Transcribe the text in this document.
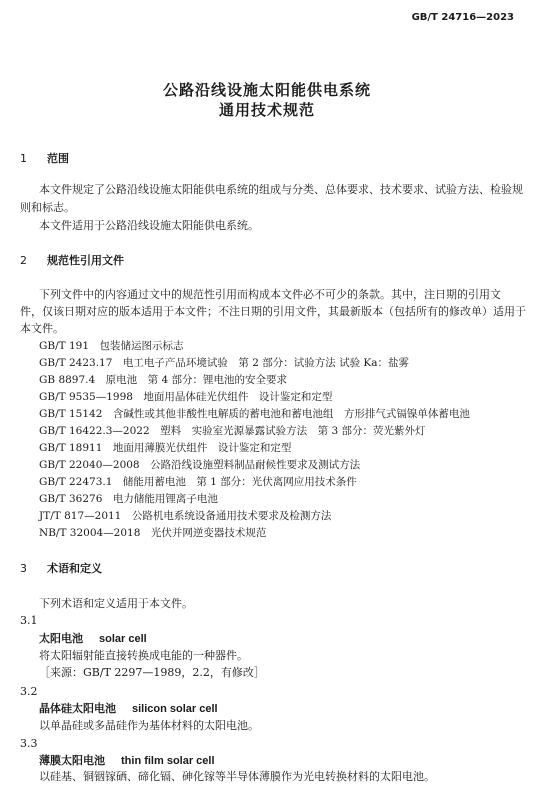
GB/T 24716—2023
公路沿线设施太阳能供电系统
通用技术规范
1 范围
本文件规定了公路沿线设施太阳能供电系统的组成与分类、总体要求、技术要求、试验方法、检验规
则和标志。
本文件适用于公路沿线设施太阳能供电系统。
2 规范性引用文件
下列文件中的内容通过文中的规范性引用而构成本文件必不可少的条款。其中，注日期的引用文
件，仅该日期对应的版本适用于本文件；不注日期的引用文件，其最新版本（包括所有的修改单）适用于
本文件。
GB/T 191　包装储运图示标志
GB/T 2423.17　电工电子产品环境试验　第 2 部分：试验方法 试验 Ka：盐雾
GB 8897.4　原电池　第 4 部分：锂电池的安全要求
GB/T 9535—1998　地面用晶体硅光伏组件　设计鉴定和定型
GB/T 15142　含碱性或其他非酸性电解质的蓄电池和蓄电池组　方形排气式镉镍单体蓄电池
GB/T 16422.3—2022　塑料　实验室光源暴露试验方法　第 3 部分：荧光紫外灯
GB/T 18911　地面用薄膜光伏组件　设计鉴定和定型
GB/T 22040—2008　公路沿线设施塑料制品耐候性要求及测试方法
GB/T 22473.1　储能用蓄电池　第 1 部分：光伏离网应用技术条件
GB/T 36276　电力储能用锂离子电池
JT/T 817—2011　公路机电系统设备通用技术要求及检测方法
NB/T 32004—2018　光伏并网逆变器技术规范
3 术语和定义
下列术语和定义适用于本文件。
3.1
太阳电池 solar cell
将太阳辐射能直接转换成电能的一种器件。
［来源：GB/T 2297—1989，2.2，有修改］
3.2
晶体硅太阳电池 silicon solar cell
以单晶硅或多晶硅作为基体材料的太阳电池。
3.3
薄膜太阳电池 thin film solar cell
以硅基、铜铟镓硒、碲化镉、砷化镓等半导体薄膜作为光电转换材料的太阳电池。
